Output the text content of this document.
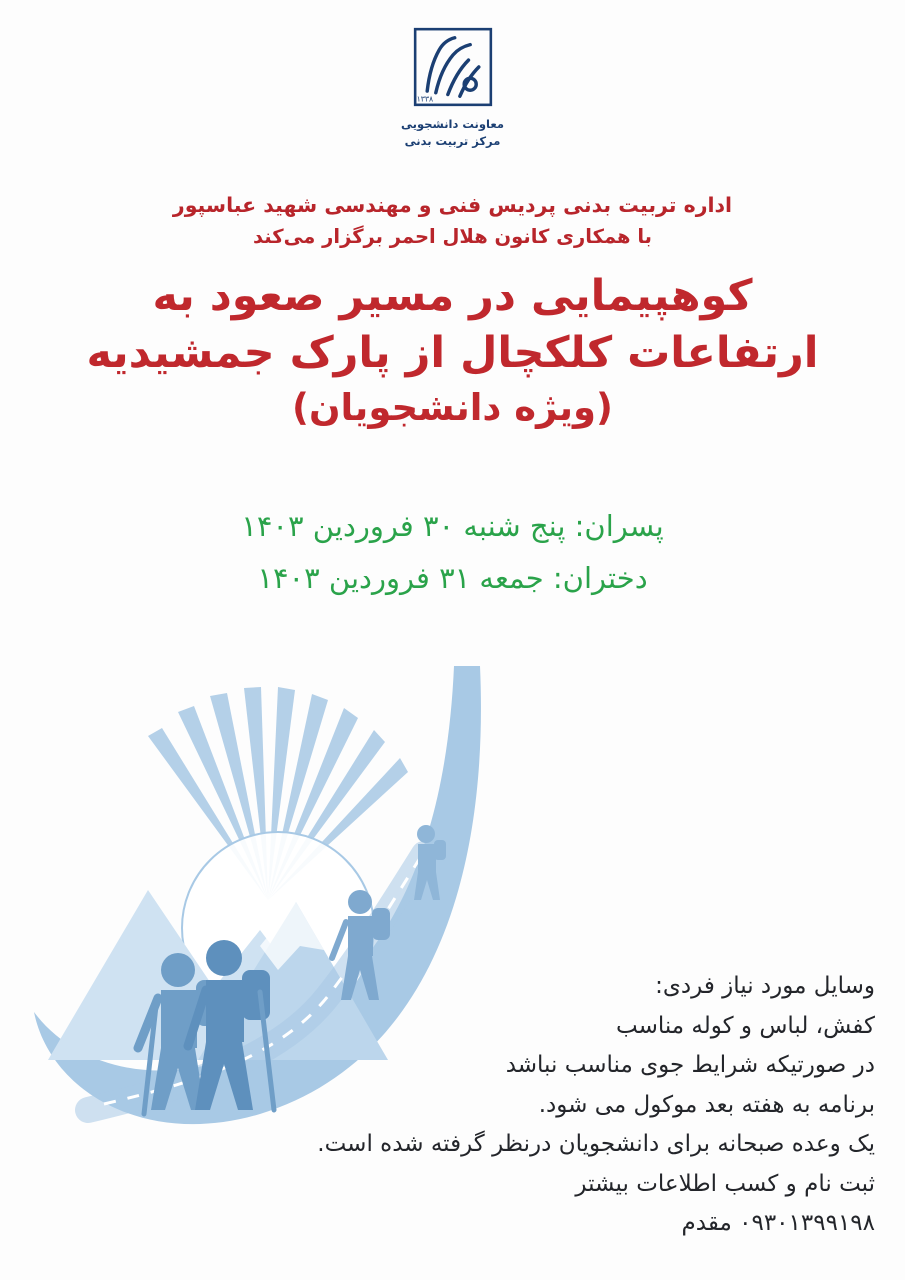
۱۳۳۸
معاونت دانشجویی
مرکز تربیت بدنی
اداره تربیت بدنی پردیس فنی و مهندسی شهید عباسپور
با همکاری کانون هلال احمر برگزار می‌کند
کوهپیمایی در مسیر صعود به
ارتفاعات کلکچال از پارک جمشیدیه
(ویژه دانشجویان)
پسران: پنج شنبه ۳۰ فروردین ۱۴۰۳
دختران: جمعه ۳۱ فروردین ۱۴۰۳
وسایل مورد نیاز فردی:
کفش، لباس و کوله مناسب
در صورتیکه شرایط جوی مناسب نباشد
برنامه به هفته بعد موکول می شود.
یک وعده صبحانه برای دانشجویان درنظر گرفته شده است.
ثبت نام و کسب اطلاعات بیشتر
۰۹۳۰۱۳۹۹۱۹۸ مقدم
